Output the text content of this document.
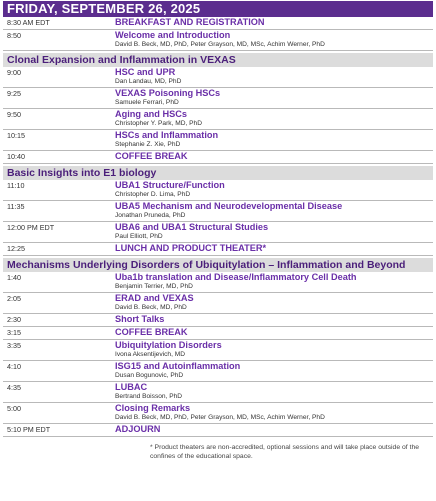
FRIDAY, SEPTEMBER 26, 2025
8:30 AM EDT	BREAKFAST AND REGISTRATION
8:50	Welcome and Introduction
David B. Beck, MD, PhD, Peter Grayson, MD, MSc, Achim Werner, PhD
Clonal Expansion and Inflammation in VEXAS
9:00	HSC and UPR
Dan Landau, MD, PhD
9:25	VEXAS Poisoning HSCs
Samuele Ferrari, PhD
9:50	Aging and HSCs
Christopher Y. Park, MD, PhD
10:15	HSCs and Inflammation
Stephanie Z. Xie, PhD
10:40	COFFEE BREAK
Basic Insights into E1 biology
11:10	UBA1 Structure/Function
Christopher D. Lima, PhD
11:35	UBA5 Mechanism and Neurodevelopmental Disease
Jonathan Pruneda, PhD
12:00 PM EDT	UBA6 and UBA1 Structural Studies
Paul Elliott, PhD
12:25	LUNCH AND PRODUCT THEATER*
Mechanisms Underlying Disorders of Ubiquitylation – Inflammation and Beyond
1:40	Uba1b translation and Disease/Inflammatory Cell Death
Benjamin Terrier, MD, PhD
2:05	ERAD and VEXAS
David B. Beck, MD, PhD
2:30	Short Talks
3:15	COFFEE BREAK
3:35	Ubiquitylation Disorders
Ivona Aksentijevich, MD
4:10	ISG15 and Autoinflammation
Dusan Bogunovic, PhD
4:35	LUBAC
Bertrand Boisson, PhD
5:00	Closing Remarks
David B. Beck, MD, PhD, Peter Grayson, MD, MSc, Achim Werner, PhD
5:10 PM EDT	ADJOURN
* Product theaters are non-accredited, optional sessions and will take place outside of the confines of the educational space.
